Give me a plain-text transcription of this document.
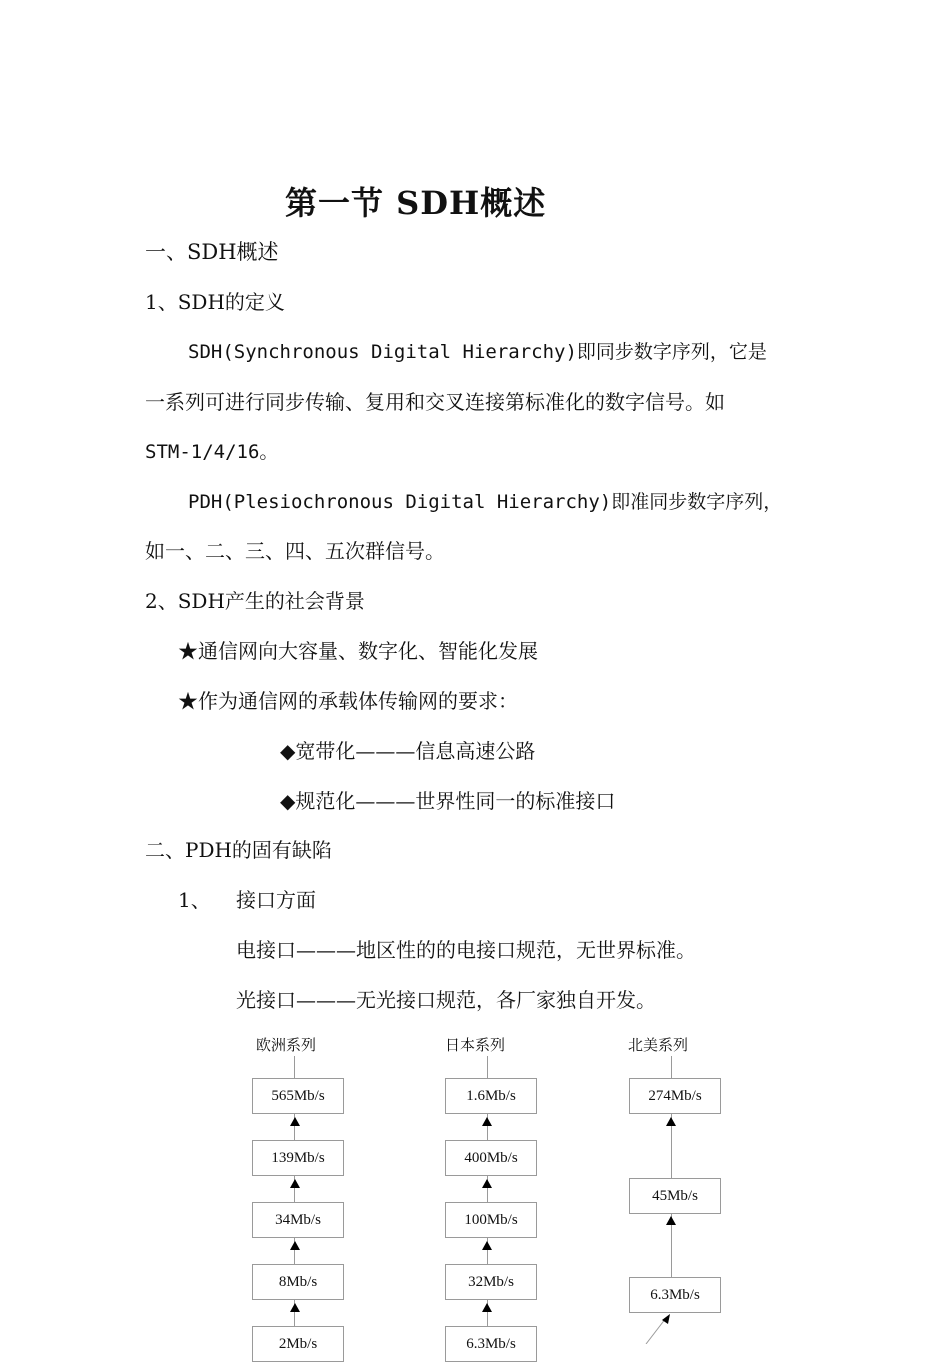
第一节 SDH概述
一、SDH概述
1、SDH的定义
SDH(Synchronous Digital Hierarchy)即同步数字序列，它是
一系列可进行同步传输、复用和交叉连接第标准化的数字信号。如
STM-1/4/16。
PDH(Plesiochronous Digital Hierarchy)即准同步数字序列，
如一、二、三、四、五次群信号。
2、SDH产生的社会背景
★通信网向大容量、数字化、智能化发展
★作为通信网的承载体传输网的要求：
◆宽带化———信息高速公路
◆规范化———世界性同一的标准接口
二、PDH的固有缺陷
1、 接口方面
电接口———地区性的的电接口规范，无世界标准。
光接口———无光接口规范，各厂家独自开发。
欧洲系列
565Mb/s
139Mb/s
34Mb/s
8Mb/s
2Mb/s
日本系列
1.6Mb/s
400Mb/s
100Mb/s
32Mb/s
6.3Mb/s
北美系列
274Mb/s
45Mb/s
6.3Mb/s
